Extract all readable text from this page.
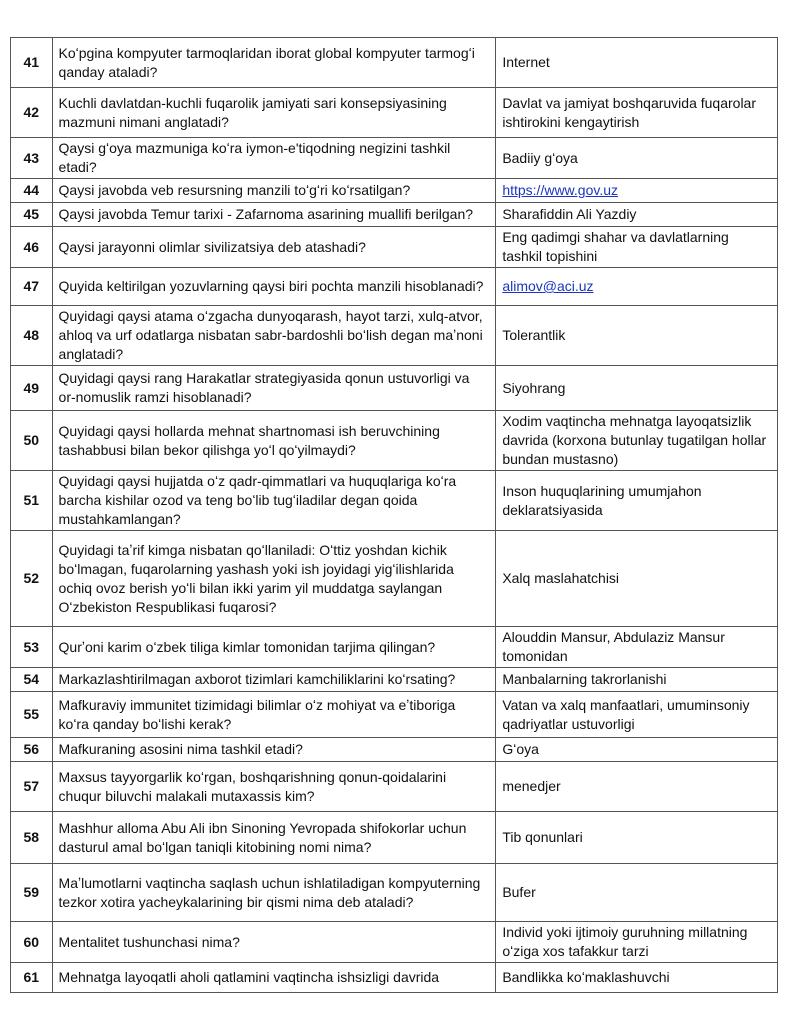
41	Koʻpgina kompyuter tarmoqlaridan iborat global kompyuter tarmogʻi qanday ataladi?	Internet
42	Kuchli davlatdan-kuchli fuqarolik jamiyati sari konsepsiyasining mazmuni nimani anglatadi?	Davlat va jamiyat boshqaruvida fuqarolar ishtirokini kengaytirish
43	Qaysi gʻoya mazmuniga koʻra iymon-e'tiqodning negizini tashkil etadi?	Badiiy gʻoya
44	Qaysi javobda veb resursning manzili toʻgʻri koʻrsatilgan?	https://www.gov.uz
45	Qaysi javobda Temur tarixi - Zafarnoma asarining muallifi berilgan?	Sharafiddin Ali Yazdiy
46	Qaysi jarayonni olimlar sivilizatsiya deb atashadi?	Eng qadimgi shahar va davlatlarning tashkil topishini
47	Quyida keltirilgan yozuvlarning qaysi biri pochta manzili hisoblanadi?	alimov@aci.uz
48	Quyidagi qaysi atama oʻzgacha dunyoqarash, hayot tarzi, xulq-atvor, ahloq va urf odatlarga nisbatan sabr-bardoshli boʻlish degan maʼnoni anglatadi?	Tolerantlik
49	Quyidagi qaysi rang Harakatlar strategiyasida qonun ustuvorligi va or-nomuslik ramzi hisoblanadi?	Siyohrang
50	Quyidagi qaysi hollarda mehnat shartnomasi ish beruvchining tashabbusi bilan bekor qilishga yoʻl qoʻyilmaydi?	Xodim vaqtincha mehnatga layoqatsizlik davrida (korxona butunlay tugatilgan hollar bundan mustasno)
51	Quyidagi qaysi hujjatda oʻz qadr-qimmatlari va huquqlariga koʻra barcha kishilar ozod va teng boʻlib tugʻiladilar degan qoida mustahkamlangan?	Inson huquqlarining umumjahon deklaratsiyasida
52	Quyidagi taʼrif kimga nisbatan qoʻllaniladi: Oʻttiz yoshdan kichik boʻlmagan, fuqarolarning yashash yoki ish joyidagi yigʻilishlarida ochiq ovoz berish yoʻli bilan ikki yarim yil muddatga saylangan Oʻzbekiston Respublikasi fuqarosi?	Xalq maslahatchisi
53	Qurʼoni karim oʻzbek tiliga kimlar tomonidan tarjima qilingan?	Alouddin Mansur, Abdulaziz Mansur tomonidan
54	Markazlashtirilmagan axborot tizimlari kamchiliklarini koʻrsating?	Manbalarning takrorlanishi
55	Mafkuraviy immunitet tizimidagi bilimlar oʻz mohiyat va eʼtiboriga koʻra qanday boʻlishi kerak?	Vatan va xalq manfaatlari, umuminsoniy qadriyatlar ustuvorligi
56	Mafkuraning asosini nima tashkil etadi?	Gʻoya
57	Maxsus tayyorgarlik koʻrgan, boshqarishning qonun-qoidalarini chuqur biluvchi malakali mutaxassis kim?	menedjer
58	Mashhur alloma Abu Ali ibn Sinoning Yevropada shifokorlar uchun dasturul amal boʻlgan taniqli kitobining nomi nima?	Tib qonunlari
59	Maʼlumotlarni vaqtincha saqlash uchun ishlatiladigan kompyuterning tezkor xotira yacheykalarining bir qismi nima deb ataladi?	Bufer
60	Mentalitet tushunchasi nima?	Individ yoki ijtimoiy guruhning millatning oʻziga xos tafakkur tarzi
61	Mehnatga layoqatli aholi qatlamini vaqtincha ishsizligi davrida	Bandlikka koʻmaklashuvchi
